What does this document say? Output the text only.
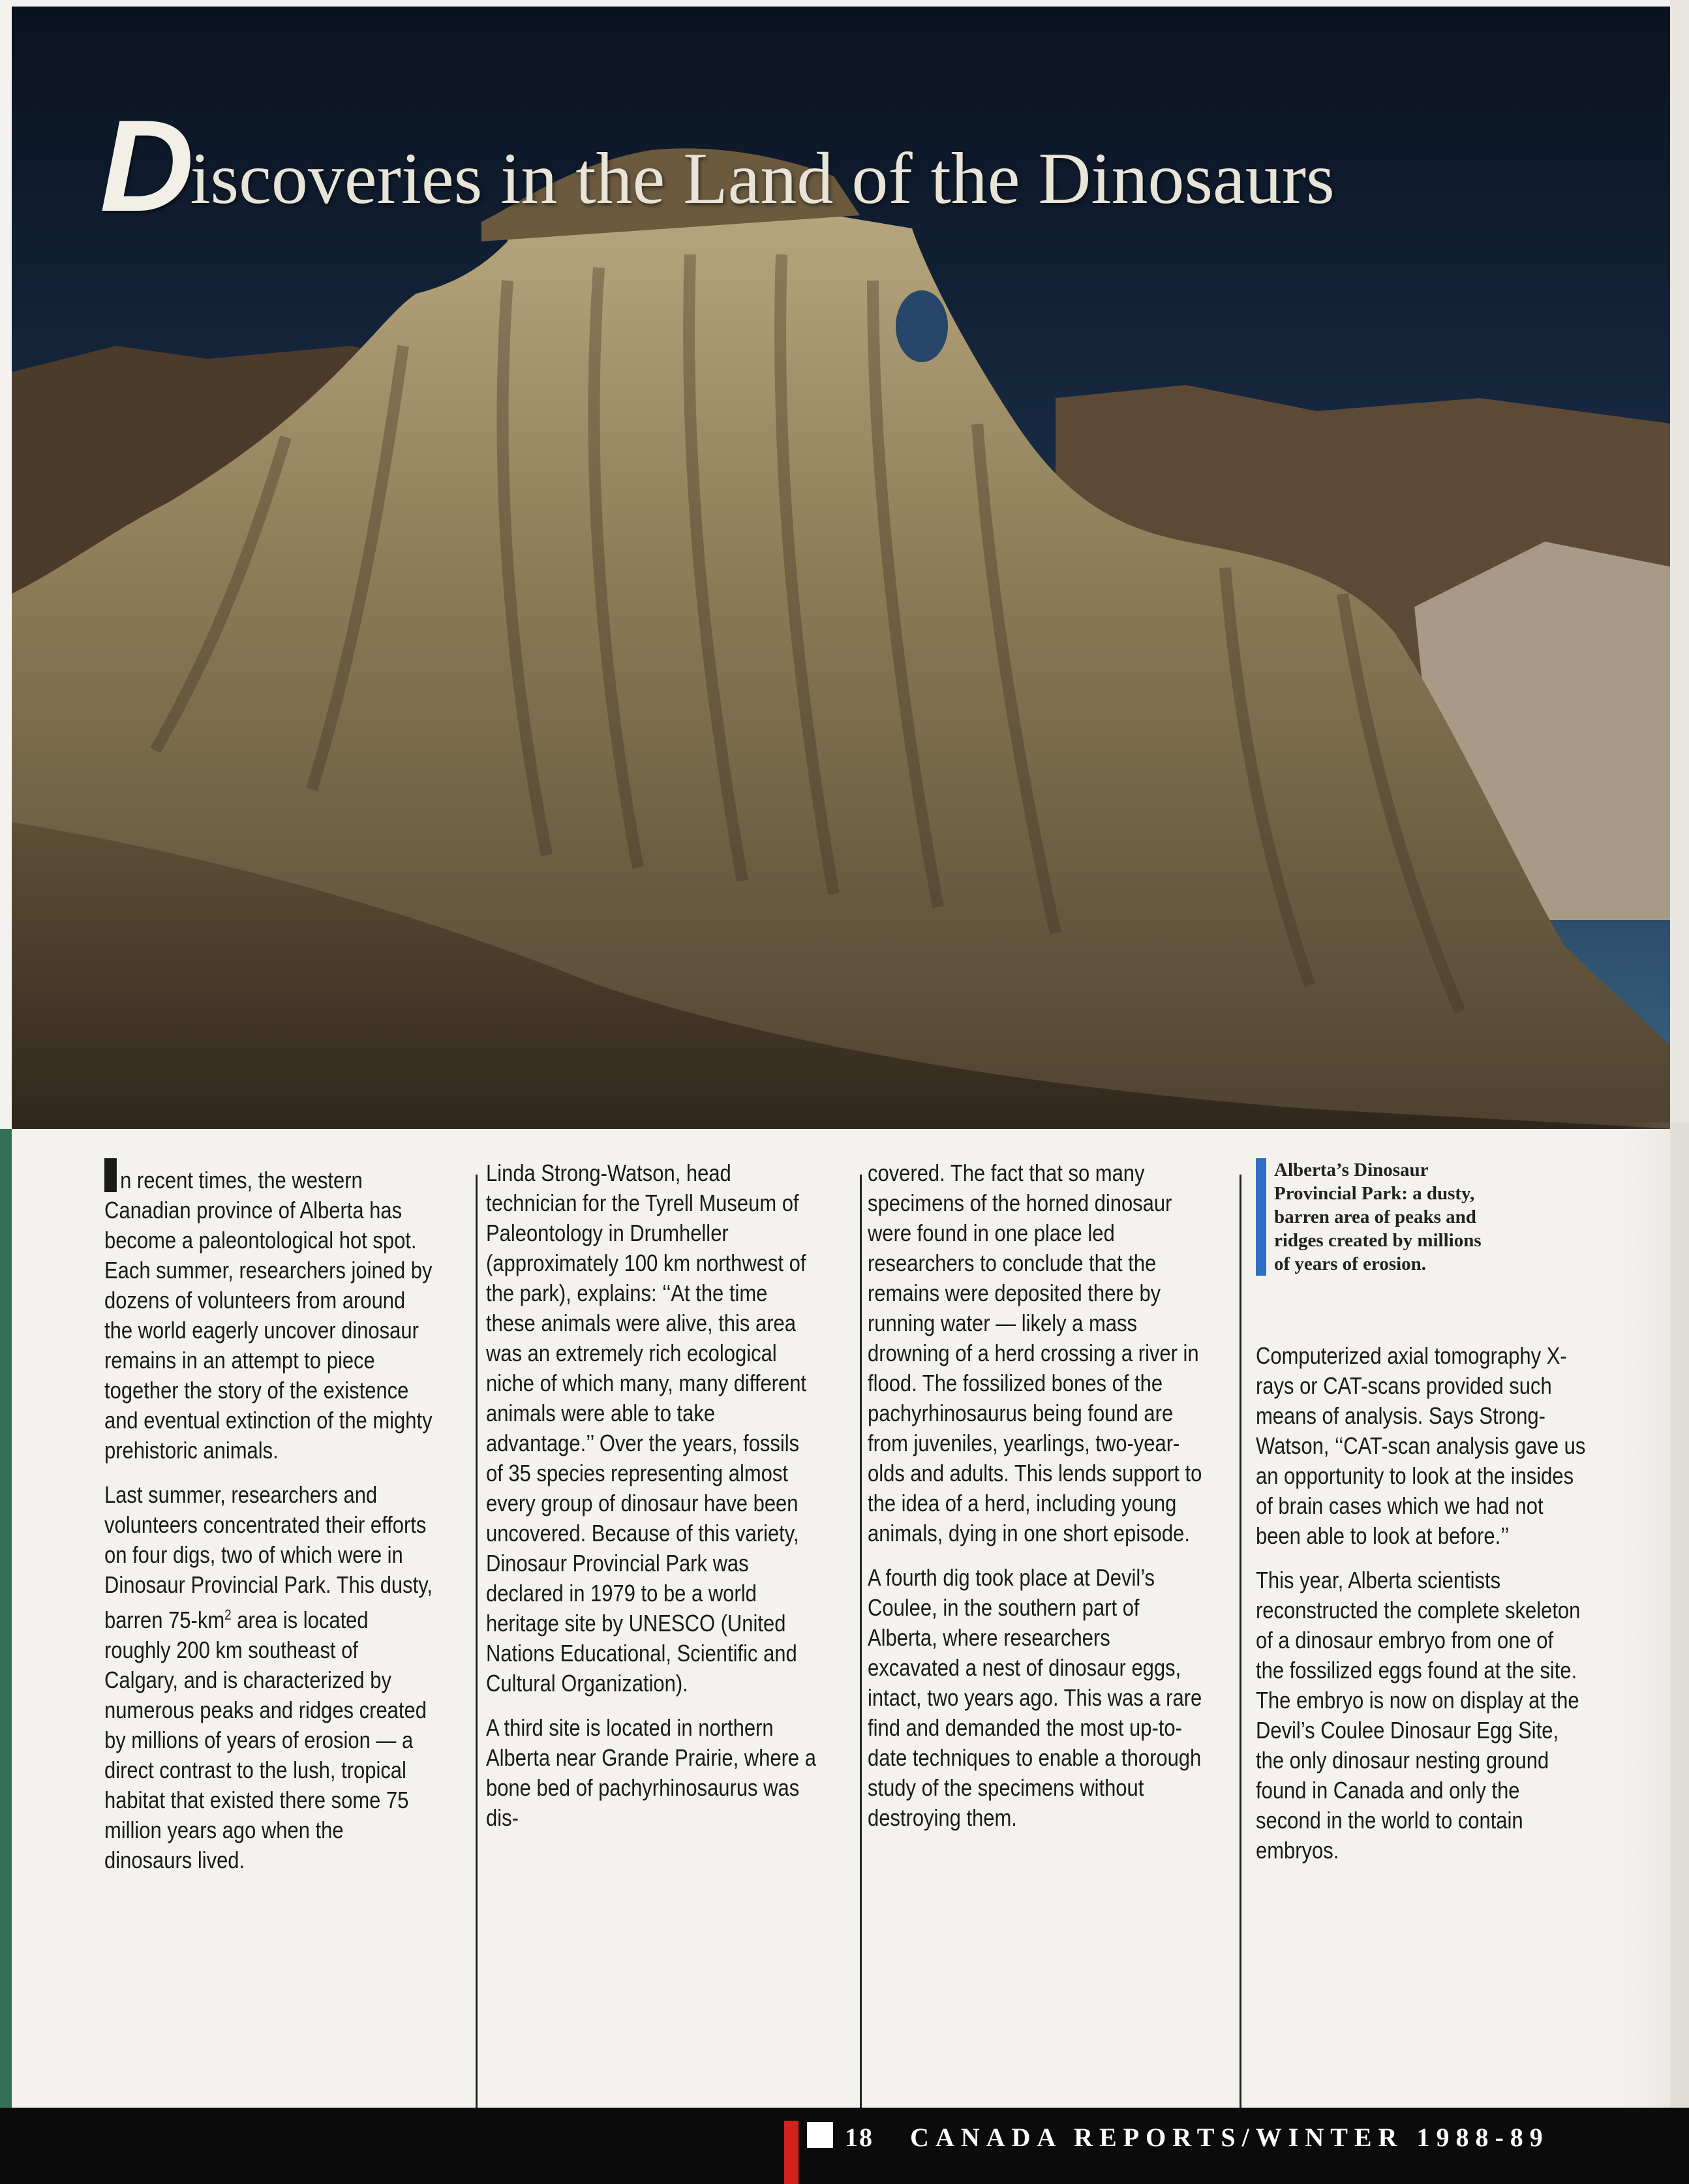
Discoveries in the Land of the Dinosaurs

n recent times, the western Canadian province of Alberta has become a paleontological hot spot. Each summer, researchers joined by dozens of volunteers from around the world eagerly uncover dinosaur remains in an attempt to piece together the story of the existence and eventual extinction of the mighty prehistoric animals.

Last summer, researchers and volunteers concentrated their efforts on four digs, two of which were in Dinosaur Provincial Park. This dusty, barren $75-km^2$ area is located roughly 200 km southeast of Calgary, and is characterized by numerous peaks and ridges created by millions of years of erosion — a direct contrast to the lush, tropical habitat that existed there some 75 million years ago when the dinosaurs lived.

Linda Strong-Watson, head technician for the Tyrell Museum of Paleontology in Drumheller (approximately 100 km northwest of the park), explains: ‘‘At the time these animals were alive, this area was an extremely rich ecological niche of which many, many different animals were able to take advantage.’’ Over the years, fossils of 35 species representing almost every group of dinosaur have been uncovered. Because of this variety, Dinosaur Provincial Park was declared in 1979 to be a world heritage site by UNESCO (United Nations Educational, Scientific and Cultural Organization).

A third site is located in northern Alberta near Grande Prairie, where a bone bed of pachyrhinosaurus was dis-

covered. The fact that so many specimens of the horned dinosaur were found in one place led researchers to conclude that the remains were deposited there by running water — likely a mass drowning of a herd crossing a river in flood. The fossilized bones of the pachyrhinosaurus being found are from juveniles, yearlings, two-year-olds and adults. This lends support to the idea of a herd, including young animals, dying in one short episode.

A fourth dig took place at Devil’s Coulee, in the southern part of Alberta, where researchers excavated a nest of dinosaur eggs, intact, two years ago. This was a rare find and demanded the most up-to-date techniques to enable a thorough study of the specimens without destroying them.

Alberta’s Dinosaur Provincial Park: a dusty, barren area of peaks and ridges created by millions of years of erosion.

Computerized axial tomography X-rays or CAT-scans provided such means of analysis. Says Strong-Watson, ‘‘CAT-scan analysis gave us an opportunity to look at the insides of brain cases which we had not been able to look at before.’’

This year, Alberta scientists reconstructed the complete skeleton of a dinosaur embryo from one of the fossilized eggs found at the site. The embryo is now on display at the Devil’s Coulee Dinosaur Egg Site, the only dinosaur nesting ground found in Canada and only the second in the world to contain embryos.

18 CANADA REPORTS/WINTER 1988-89
